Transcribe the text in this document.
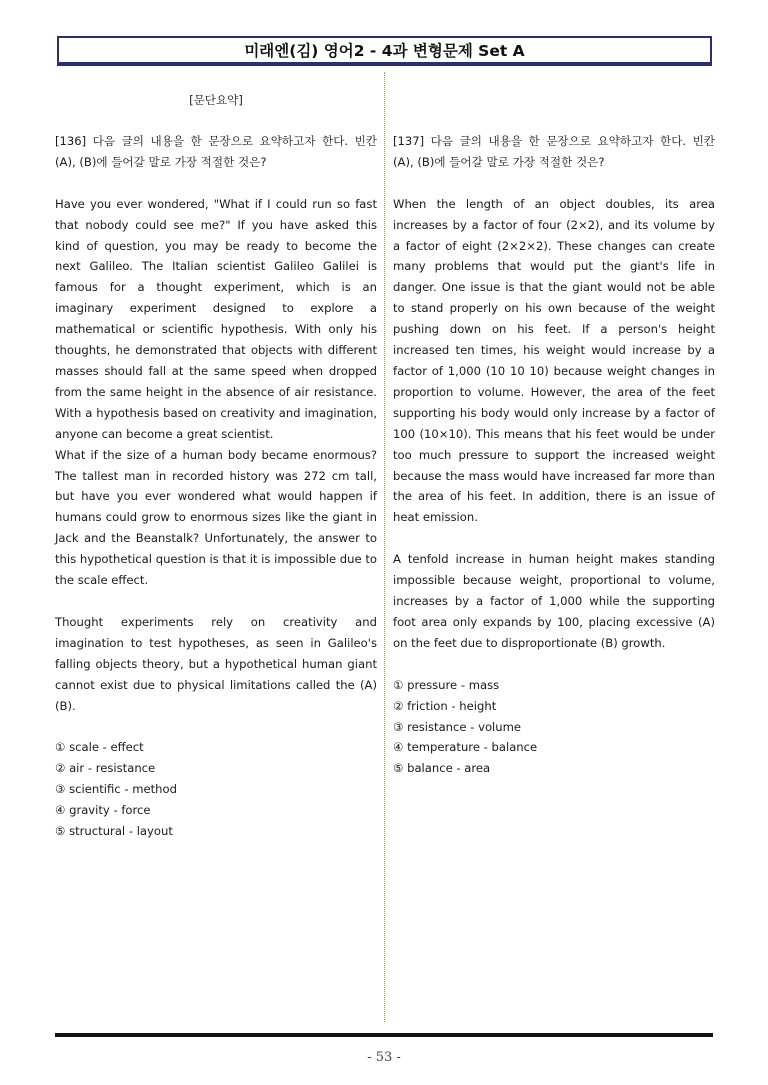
미래엔(김) 영어2 - 4과 변형문제 Set A
[문단요약]

[136] 다음 글의 내용을 한 문장으로 요약하고자 한다. 빈칸 (A), (B)에 들어갈 말로 가장 적절한 것은?

Have you ever wondered, "What if I could run so fast that nobody could see me?" If you have asked this kind of question, you may be ready to become the next Galileo. The Italian scientist Galileo Galilei is famous for a thought experiment, which is an imaginary experiment designed to explore a mathematical or scientific hypothesis. With only his thoughts, he demonstrated that objects with different masses should fall at the same speed when dropped from the same height in the absence of air resistance. With a hypothesis based on creativity and imagination, anyone can become a great scientist.

What if the size of a human body became enormous? The tallest man in recorded history was 272 cm tall, but have you ever wondered what would happen if humans could grow to enormous sizes like the giant in Jack and the Beanstalk? Unfortunately, the answer to this hypothetical question is that it is impossible due to the scale effect.

Thought experiments rely on creativity and imagination to test hypotheses, as seen in Galileo's falling objects theory, but a hypothetical human giant cannot exist due to physical limitations called the (A) (B).

① scale - effect
② air - resistance
③ scientific - method
④ gravity - force
⑤ structural - layout

[137] 다음 글의 내용을 한 문장으로 요약하고자 한다. 빈칸 (A), (B)에 들어갈 말로 가장 적절한 것은?

When the length of an object doubles, its area increases by a factor of four (2×2), and its volume by a factor of eight (2×2×2). These changes can create many problems that would put the giant's life in danger. One issue is that the giant would not be able to stand properly on his own because of the weight pushing down on his feet. If a person's height increased ten times, his weight would increase by a factor of 1,000 (10 10 10) because weight changes in proportion to volume. However, the area of the feet supporting his body would only increase by a factor of 100 (10×10). This means that his feet would be under too much pressure to support the increased weight because the mass would have increased far more than the area of his feet. In addition, there is an issue of heat emission.

A tenfold increase in human height makes standing impossible because weight, proportional to volume, increases by a factor of 1,000 while the supporting foot area only expands by 100, placing excessive (A) on the feet due to disproportionate (B) growth.

① pressure - mass
② friction - height
③ resistance - volume
④ temperature - balance
⑤ balance - area
- 53 -
